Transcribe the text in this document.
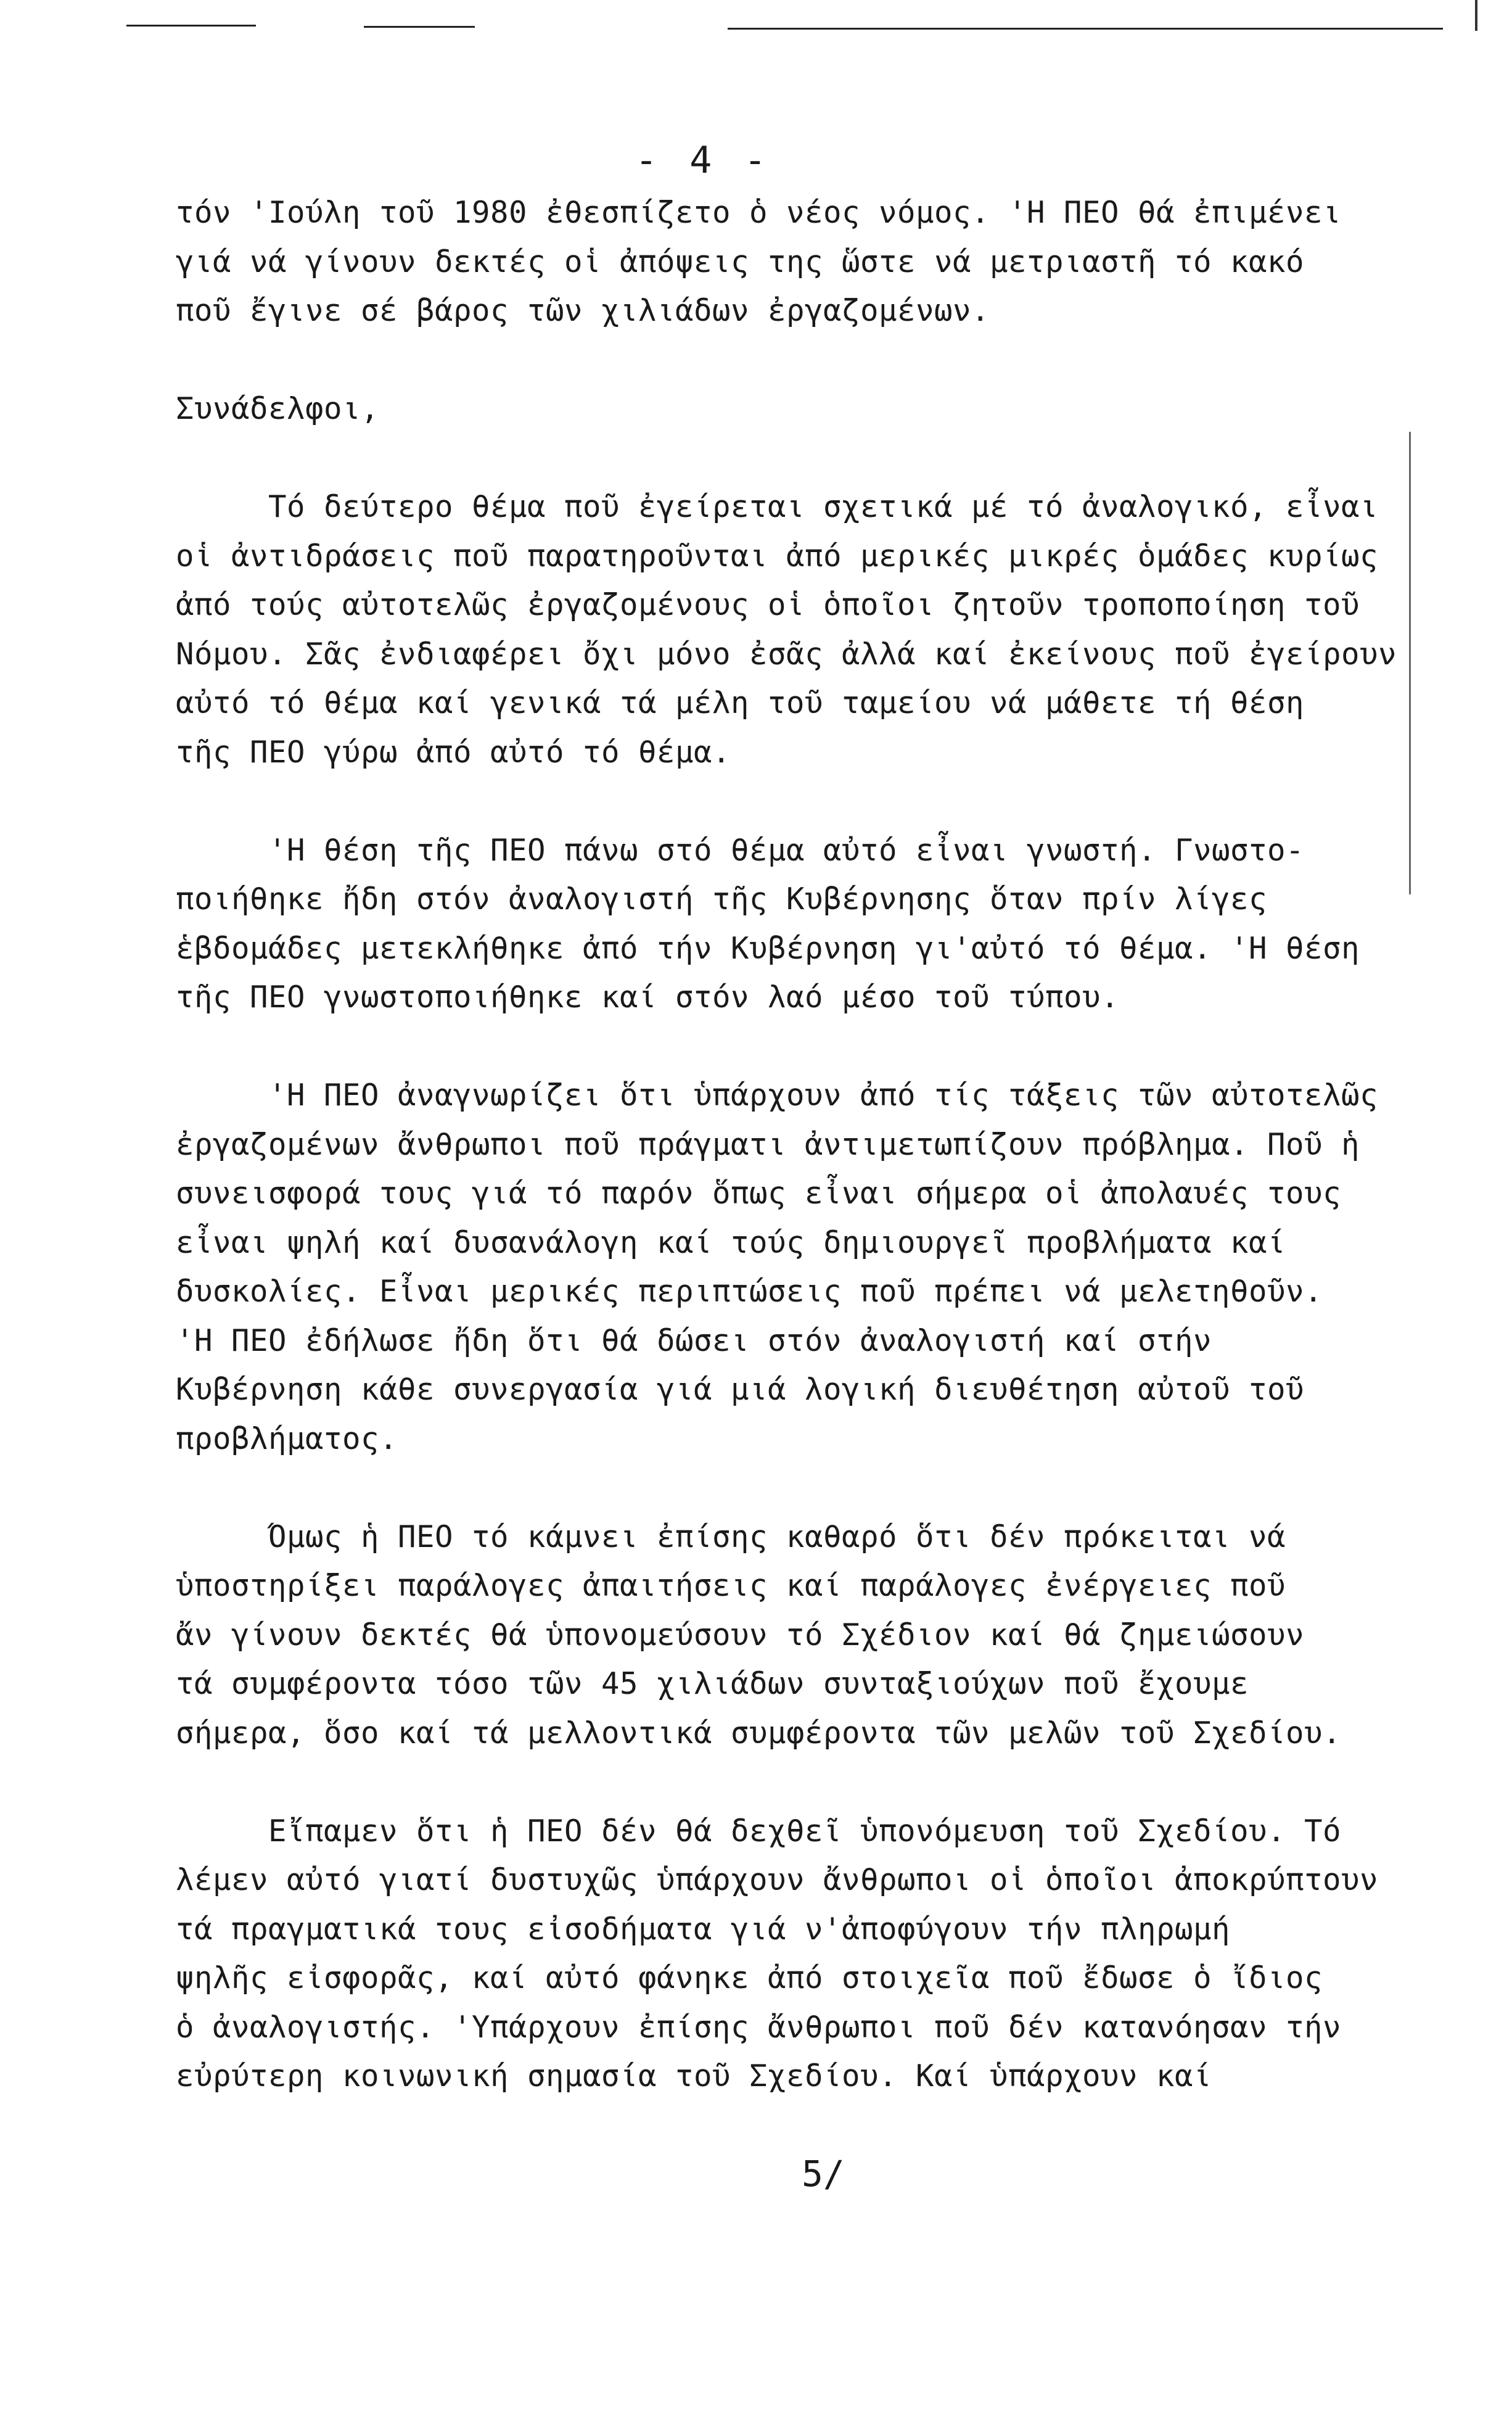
- 4 -
τόν 'Ιούλη τοῦ 1980 ἐθεσπίζετο ὁ νέος νόμος. 'Η ΠΕΟ θά ἐπιμένει
γιά νά γίνουν δεκτές οἱ ἀπόψεις της ὥστε νά μετριαστῆ τό κακό
ποῦ ἔγινε σέ βάρος τῶν χιλιάδων ἐργαζομένων.
Συνάδελφοι,
Τό δεύτερο θέμα ποῦ ἐγείρεται σχετικά μέ τό ἀναλογικό, εἶναι
οἱ ἀντιδράσεις ποῦ παρατηροῦνται ἀπό μερικές μικρές ὁμάδες κυρίως
ἀπό τούς αὐτοτελῶς ἐργαζομένους οἱ ὁποῖοι ζητοῦν τροποποίηση τοῦ
Νόμου. Σᾶς ἐνδιαφέρει ὄχι μόνο ἐσᾶς ἀλλά καί ἐκείνους ποῦ ἐγείρουν
αὐτό τό θέμα καί γενικά τά μέλη τοῦ ταμείου νά μάθετε τή θέση
τῆς ΠΕΟ γύρω ἀπό αὐτό τό θέμα.
'Η θέση τῆς ΠΕΟ πάνω στό θέμα αὐτό εἶναι γνωστή. Γνωστο-
ποιήθηκε ἤδη στόν ἀναλογιστή τῆς Κυβέρνησης ὅταν πρίν λίγες
ἑβδομάδες μετεκλήθηκε ἀπό τήν Κυβέρνηση γι'αὐτό τό θέμα. 'Η θέση
τῆς ΠΕΟ γνωστοποιήθηκε καί στόν λαό μέσο τοῦ τύπου.
'Η ΠΕΟ ἀναγνωρίζει ὅτι ὑπάρχουν ἀπό τίς τάξεις τῶν αὐτοτελῶς
ἐργαζομένων ἄνθρωποι ποῦ πράγματι ἀντιμετωπίζουν πρόβλημα. Ποῦ ἡ
συνεισφορά τους γιά τό παρόν ὅπως εἶναι σήμερα οἱ ἀπολαυές τους
εἶναι ψηλή καί δυσανάλογη καί τούς δημιουργεῖ προβλήματα καί
δυσκολίες. Εἶναι μερικές περιπτώσεις ποῦ πρέπει νά μελετηθοῦν.
'Η ΠΕΟ ἐδήλωσε ἤδη ὅτι θά δώσει στόν ἀναλογιστή καί στήν
Κυβέρνηση κάθε συνεργασία γιά μιά λογική διευθέτηση αὐτοῦ τοῦ
προβλήματος.
Όμως ἡ ΠΕΟ τό κάμνει ἐπίσης καθαρό ὅτι δέν πρόκειται νά
ὑποστηρίξει παράλογες ἀπαιτήσεις καί παράλογες ἐνέργειες ποῦ
ἄν γίνουν δεκτές θά ὑπονομεύσουν τό Σχέδιον καί θά ζημειώσουν
τά συμφέροντα τόσο τῶν 45 χιλιάδων συνταξιούχων ποῦ ἔχουμε
σήμερα, ὅσο καί τά μελλοντικά συμφέροντα τῶν μελῶν τοῦ Σχεδίου.
Εἴπαμεν ὅτι ἡ ΠΕΟ δέν θά δεχθεῖ ὑπονόμευση τοῦ Σχεδίου. Τό
λέμεν αὐτό γιατί δυστυχῶς ὑπάρχουν ἄνθρωποι οἱ ὁποῖοι ἀποκρύπτουν
τά πραγματικά τους εἰσοδήματα γιά ν'ἀποφύγουν τήν πληρωμή
ψηλῆς εἰσφορᾶς, καί αὐτό φάνηκε ἀπό στοιχεῖα ποῦ ἔδωσε ὁ ἴδιος
ὁ ἀναλογιστής. 'Υπάρχουν ἐπίσης ἄνθρωποι ποῦ δέν κατανόησαν τήν
εὐρύτερη κοινωνική σημασία τοῦ Σχεδίου. Καί ὑπάρχουν καί
5/
